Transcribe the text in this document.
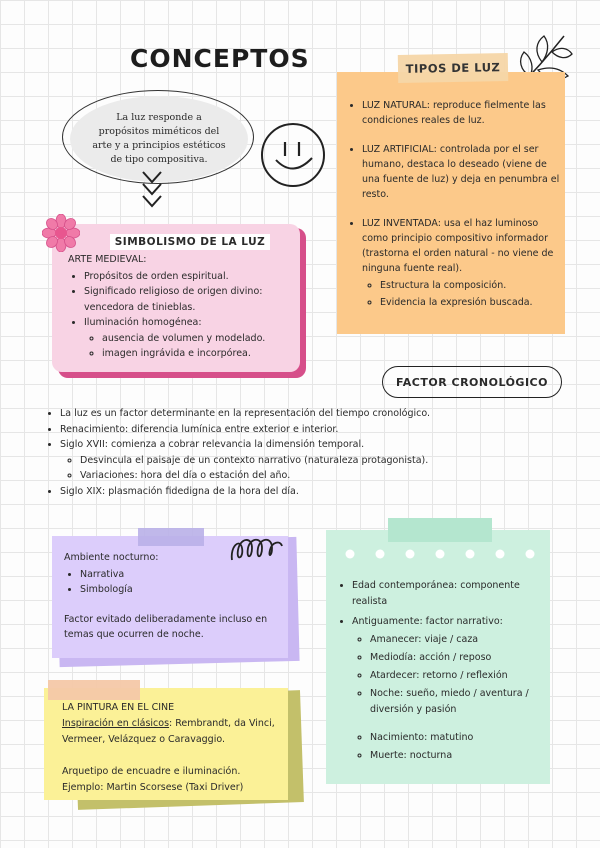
CONCEPTOS
La luz responde a propósitos miméticos del arte y a principios estéticos de tipo compositiva.
TIPOS DE LUZ
• LUZ NATURAL: reproduce fielmente las condiciones reales de luz.
• LUZ ARTIFICIAL: controlada por el ser humano, destaca lo deseado (viene de una fuente de luz) y deja en penumbra el resto.
• LUZ INVENTADA: usa el haz luminoso como principio compositivo informador (trastorna el orden natural - no viene de ninguna fuente real).
◦ Estructura la composición.
◦ Evidencia la expresión buscada.
SIMBOLISMO DE LA LUZ
ARTE MEDIEVAL:
• Propósitos de orden espiritual.
• Significado religioso de origen divino: vencedora de tinieblas.
• Iluminación homogénea:
◦ ausencia de volumen y modelado.
◦ imagen ingrávida e incorpórea.
FACTOR CRONOLÓGICO
• La luz es un factor determinante en la representación del tiempo cronológico.
• Renacimiento: diferencia lumínica entre exterior e interior.
• Siglo XVII: comienza a cobrar relevancia la dimensión temporal.
◦ Desvincula el paisaje de un contexto narrativo (naturaleza protagonista).
◦ Variaciones: hora del día o estación del año.
• Siglo XIX: plasmación fidedigna de la hora del día.
Ambiente nocturno:
• Narrativa
• Simbología
Factor evitado deliberadamente incluso en temas que ocurren de noche.
LA PINTURA EN EL CINE
Inspiración en clásicos: Rembrandt, da Vinci, Vermeer, Velázquez o Caravaggio.
Arquetipo de encuadre e iluminación.
Ejemplo: Martin Scorsese (Taxi Driver)
• Edad contemporánea: componente realista
• Antiguamente: factor narrativo:
◦ Amanecer: viaje / caza
◦ Mediodía: acción / reposo
◦ Atardecer: retorno / reflexión
◦ Noche: sueño, miedo / aventura / diversión y pasión
◦ Nacimiento: matutino
◦ Muerte: nocturna
